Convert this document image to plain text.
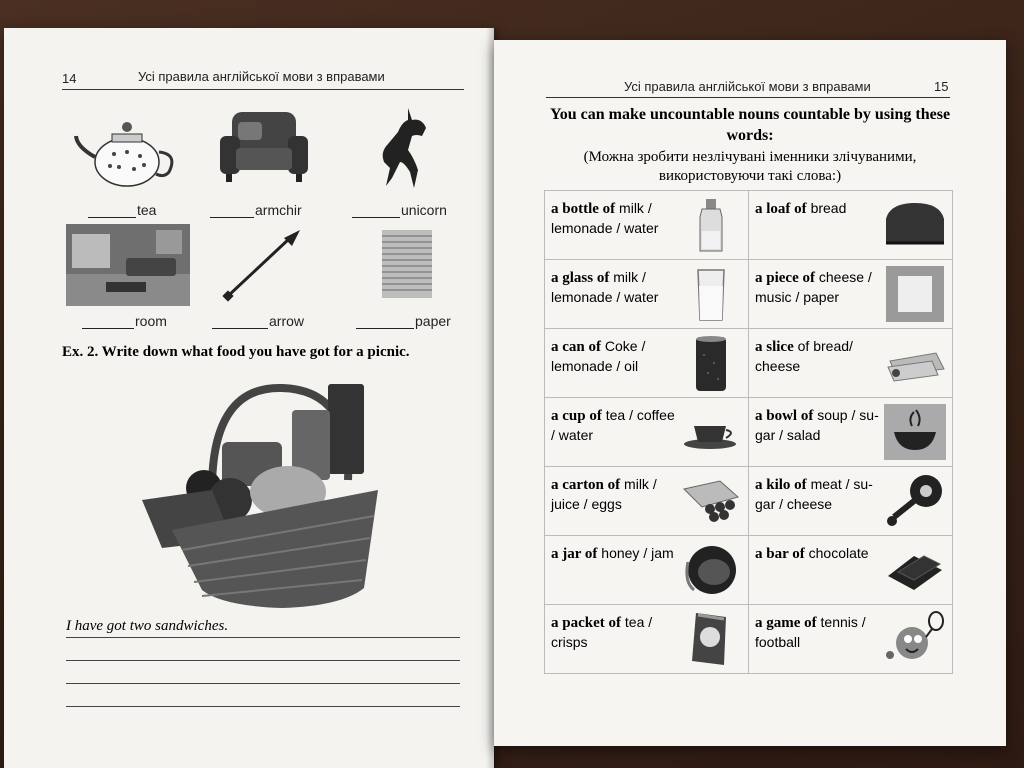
14	Усі правила англійської мови з вправами
tea	armchir	unicorn
room	arrow	paper
Ex. 2. Write down what food you have got for a picnic.
I have got two sandwiches.
Усі правила англійської мови з вправами	15
You can make uncountable nouns countable by using these words:
(Можна зробити незлічувані іменники злічуваними, використовуючи такі слова:)
a bottle of milk / lemonade / water	a loaf of bread

a glass of milk / lemonade / water	a piece of cheese / music / paper

a can of Coke / lemonade / oil	a slice of bread/ cheese

a cup of tea / coffee / water	a bowl of soup / sugar / salad

a carton of milk / juice / eggs	a kilo of meat / sugar / cheese

a jar of honey / jam	a bar of chocolate

a packet of tea / crisps	a game of tennis / football
